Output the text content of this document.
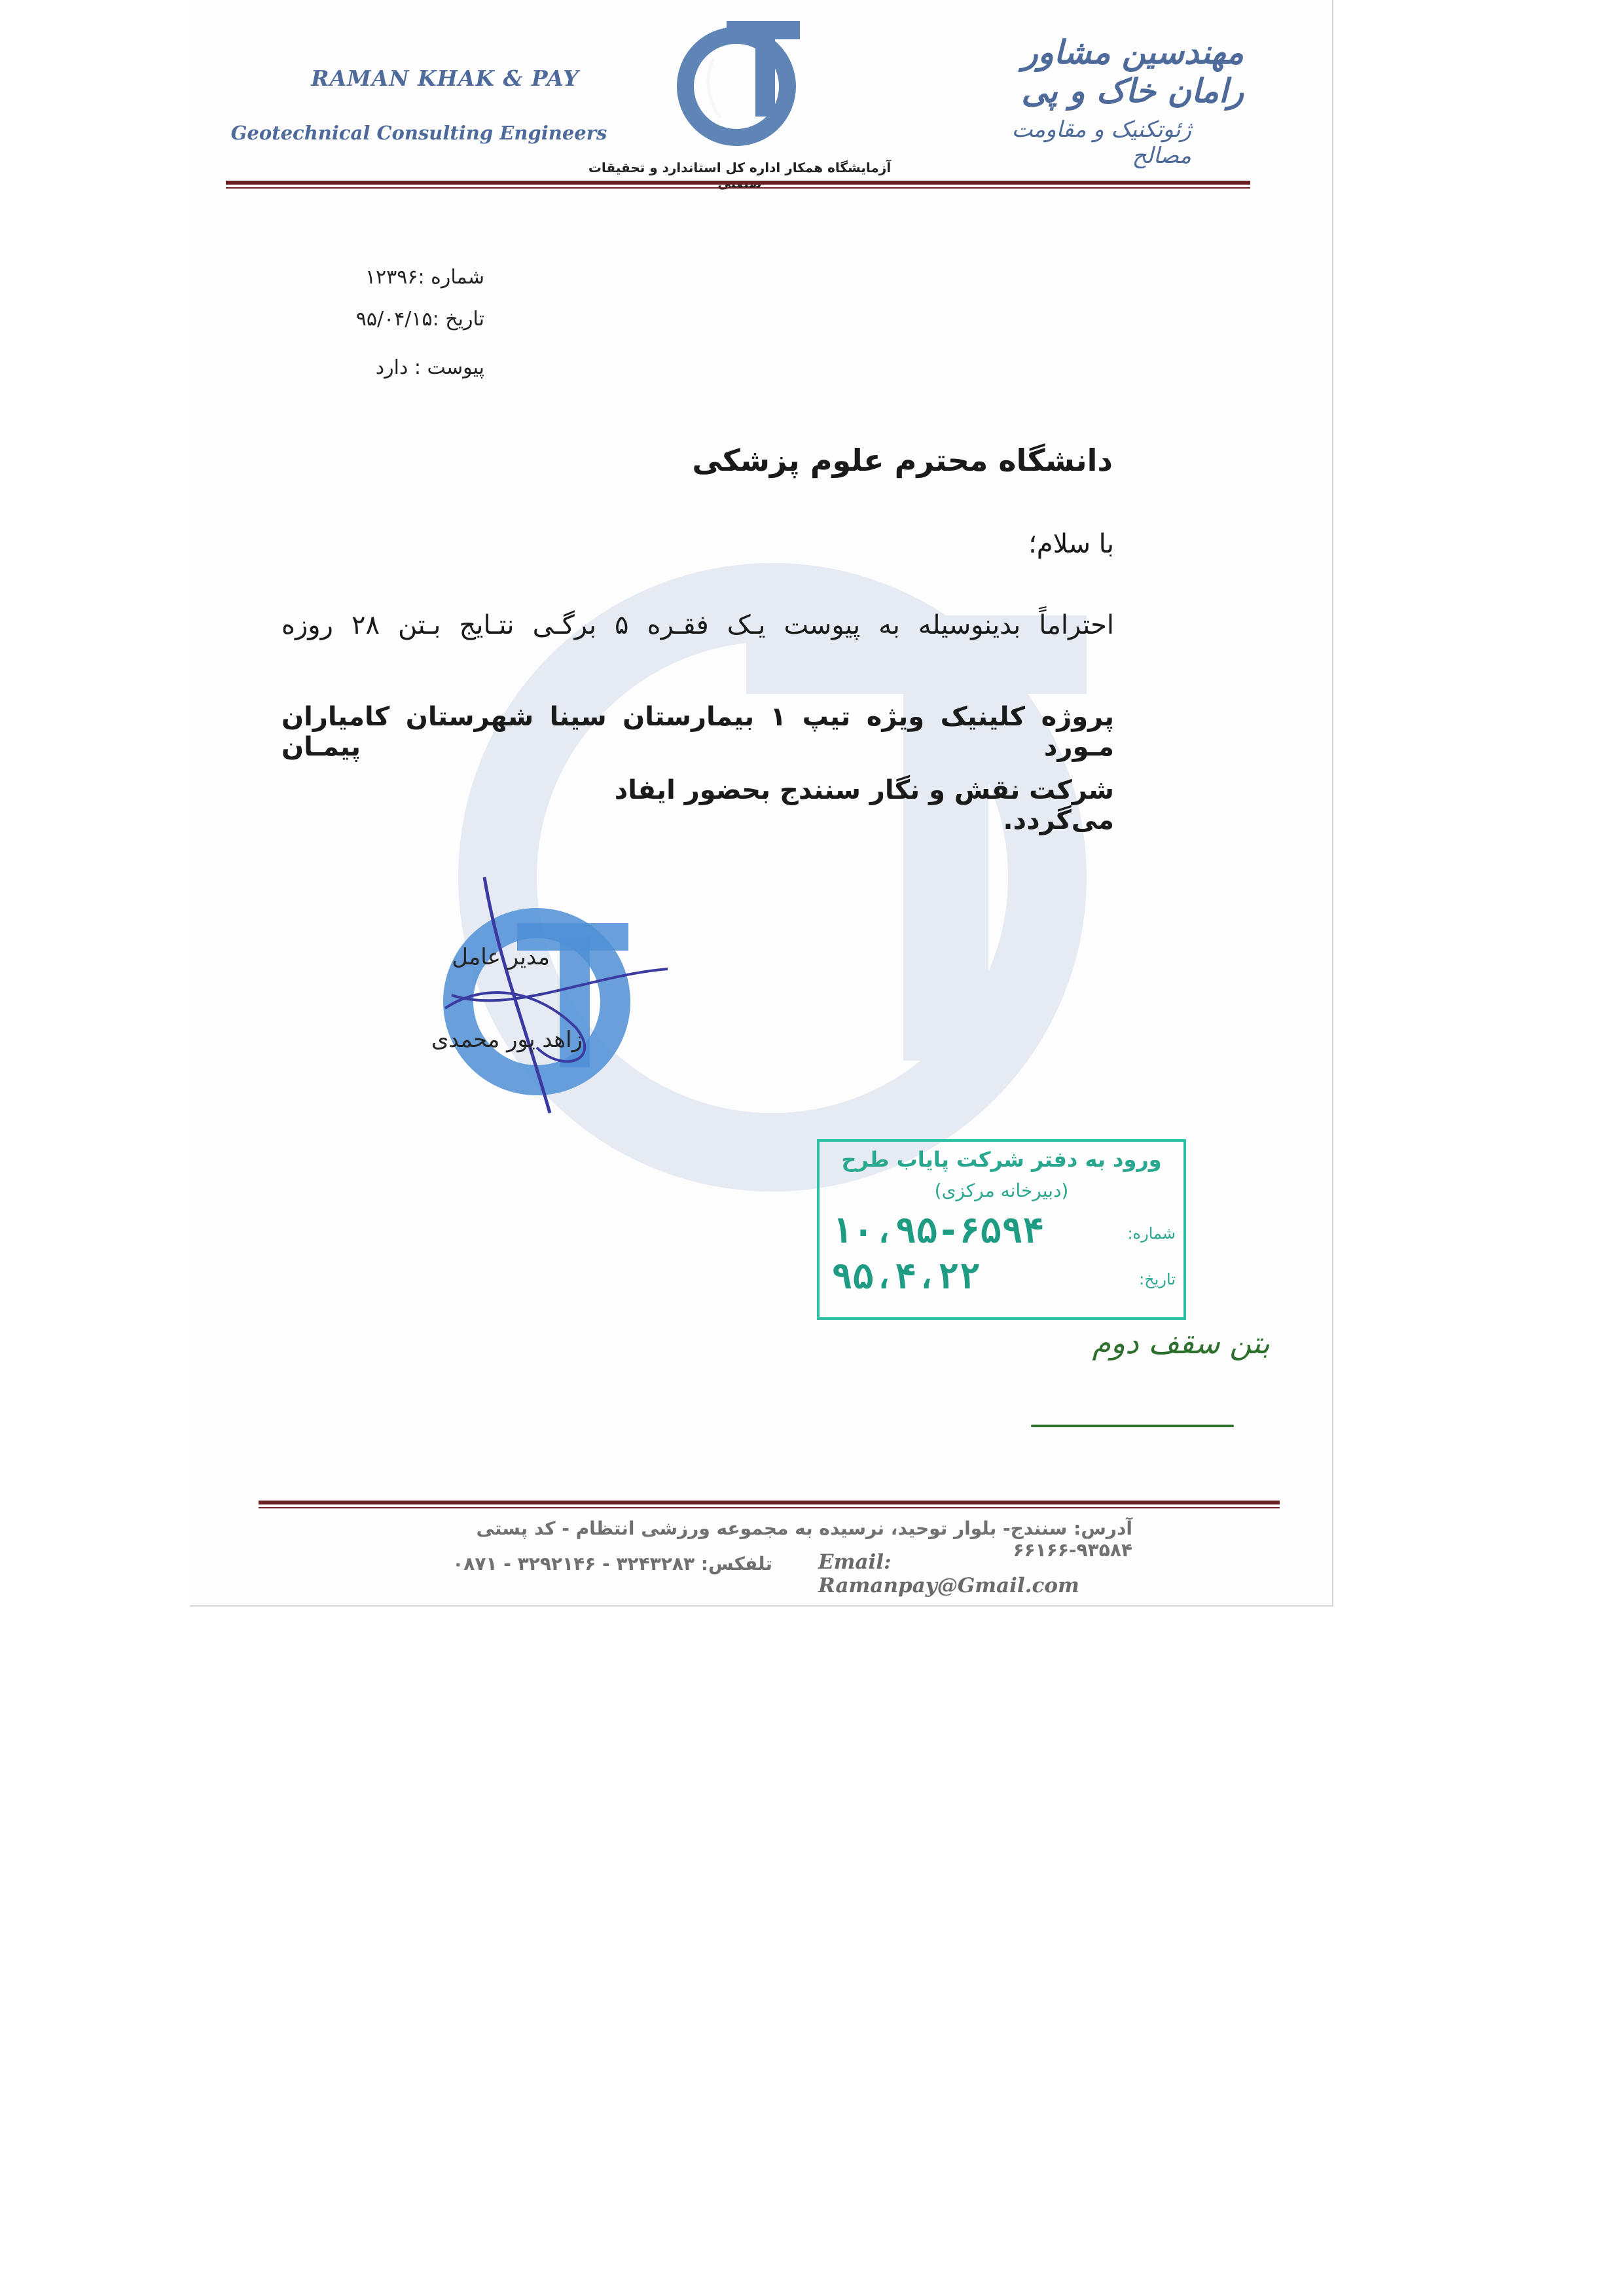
RAMAN KHAK & PAY
Geotechnical Consulting Engineers
مهندسین مشاور رامان خاک و پی
ژئوتکنیک و مقاومت مصالح
آزمایشگاه همکار اداره کل استاندارد و تحقیقات
شماره :۱۲۳۹۶
تاریخ :۹۵/۰۴/۱۵
پیوست : دارد
دانشگاه محترم علوم پزشکی
با سلام؛
احتراماً بدینوسیله به پیوست یـک فقـره ۵ برگـی نتـایج بـتن ۲۸ روزه
پروژه کلینیک ویژه تیپ ۱ بیمارستان سینا شهرستان کامیاران مـورد پیمـان
شرکت نقش و نگار سنندج بحضور ایفاد می‌گردد.
مدیر عامل
زاهد پور محمدی
ورود به دفتر شرکت پایاب طرح
(دبیرخانه مرکزی)
شماره:
۱۰،۹۵-۶۵۹۴
تاریخ:
۹۵،۴،۲۲
بتن سقف دوم
آدرس: سنندج- بلوار توحید، نرسیده به مجموعه ورزشی انتظام - کد پستی ۹۳۵۸۴-۶۶۱۶۶
تلفکس: ۳۲۴۳۲۸۳ - ۳۲۹۲۱۴۶ - ۰۸۷۱ Email: Ramanpay@Gmail.com
